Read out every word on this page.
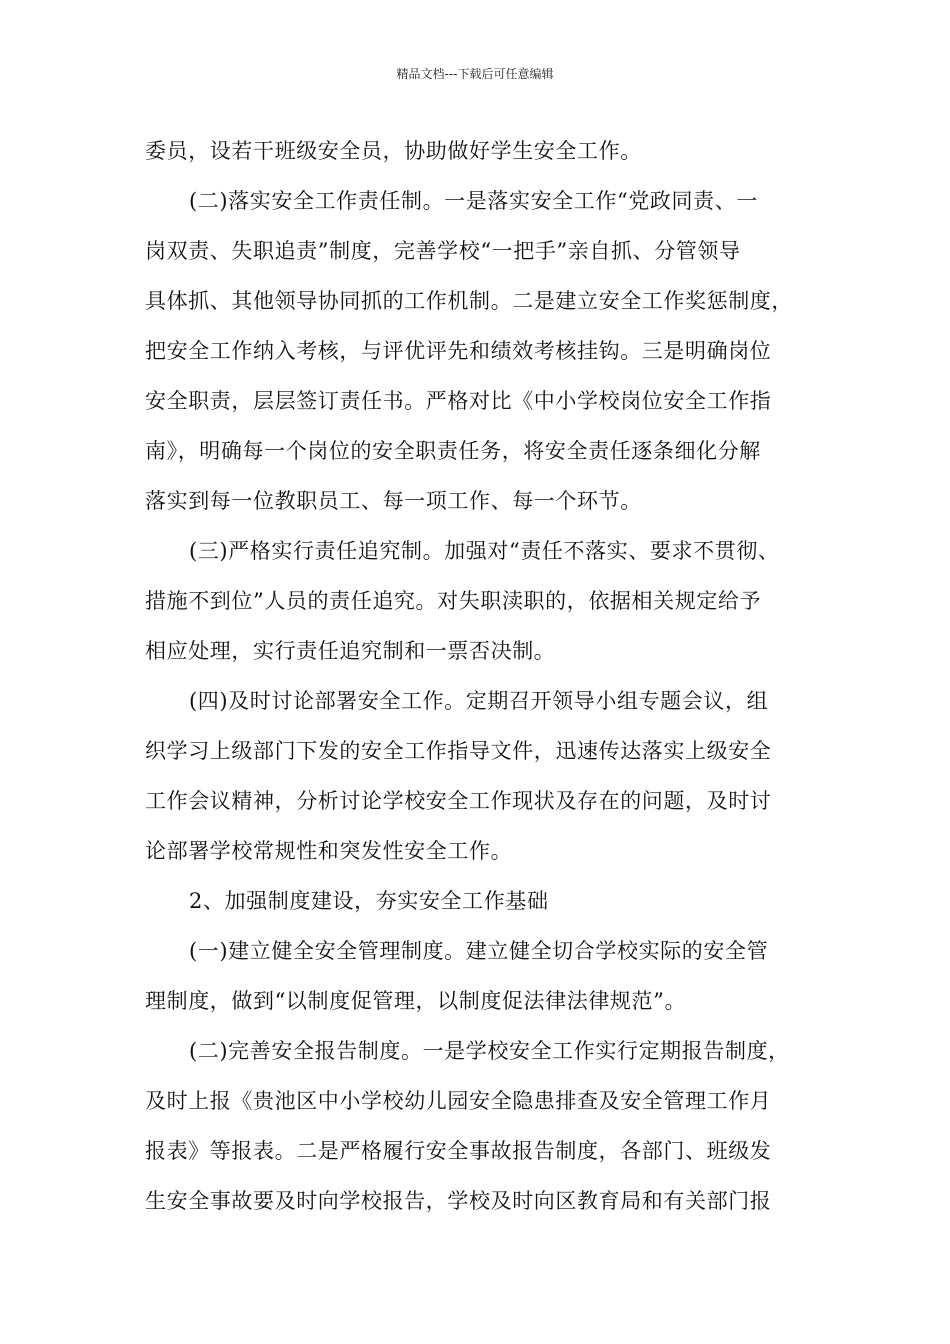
精品文档---下载后可任意编辑
委员，设若干班级安全员，协助做好学生安全工作。
(二)落实安全工作责任制。一是落实安全工作“党政同责、一
岗双责、失职追责”制度，完善学校“一把手”亲自抓、分管领导
具体抓、其他领导协同抓的工作机制。二是建立安全工作奖惩制度，
把安全工作纳入考核，与评优评先和绩效考核挂钩。三是明确岗位
安全职责，层层签订责任书。严格对比《中小学校岗位安全工作指
南》，明确每一个岗位的安全职责任务，将安全责任逐条细化分解
落实到每一位教职员工、每一项工作、每一个环节。
(三)严格实行责任追究制。加强对“责任不落实、要求不贯彻、
措施不到位”人员的责任追究。对失职渎职的，依据相关规定给予
相应处理，实行责任追究制和一票否决制。
(四)及时讨论部署安全工作。定期召开领导小组专题会议，组
织学习上级部门下发的安全工作指导文件，迅速传达落实上级安全
工作会议精神，分析讨论学校安全工作现状及存在的问题，及时讨
论部署学校常规性和突发性安全工作。
2、加强制度建设，夯实安全工作基础
(一)建立健全安全管理制度。建立健全切合学校实际的安全管
理制度，做到“以制度促管理，以制度促法律法律规范”。
(二)完善安全报告制度。一是学校安全工作实行定期报告制度，
及时上报《贵池区中小学校幼儿园安全隐患排查及安全管理工作月
报表》等报表。二是严格履行安全事故报告制度，各部门、班级发
生安全事故要及时向学校报告，学校及时向区教育局和有关部门报
